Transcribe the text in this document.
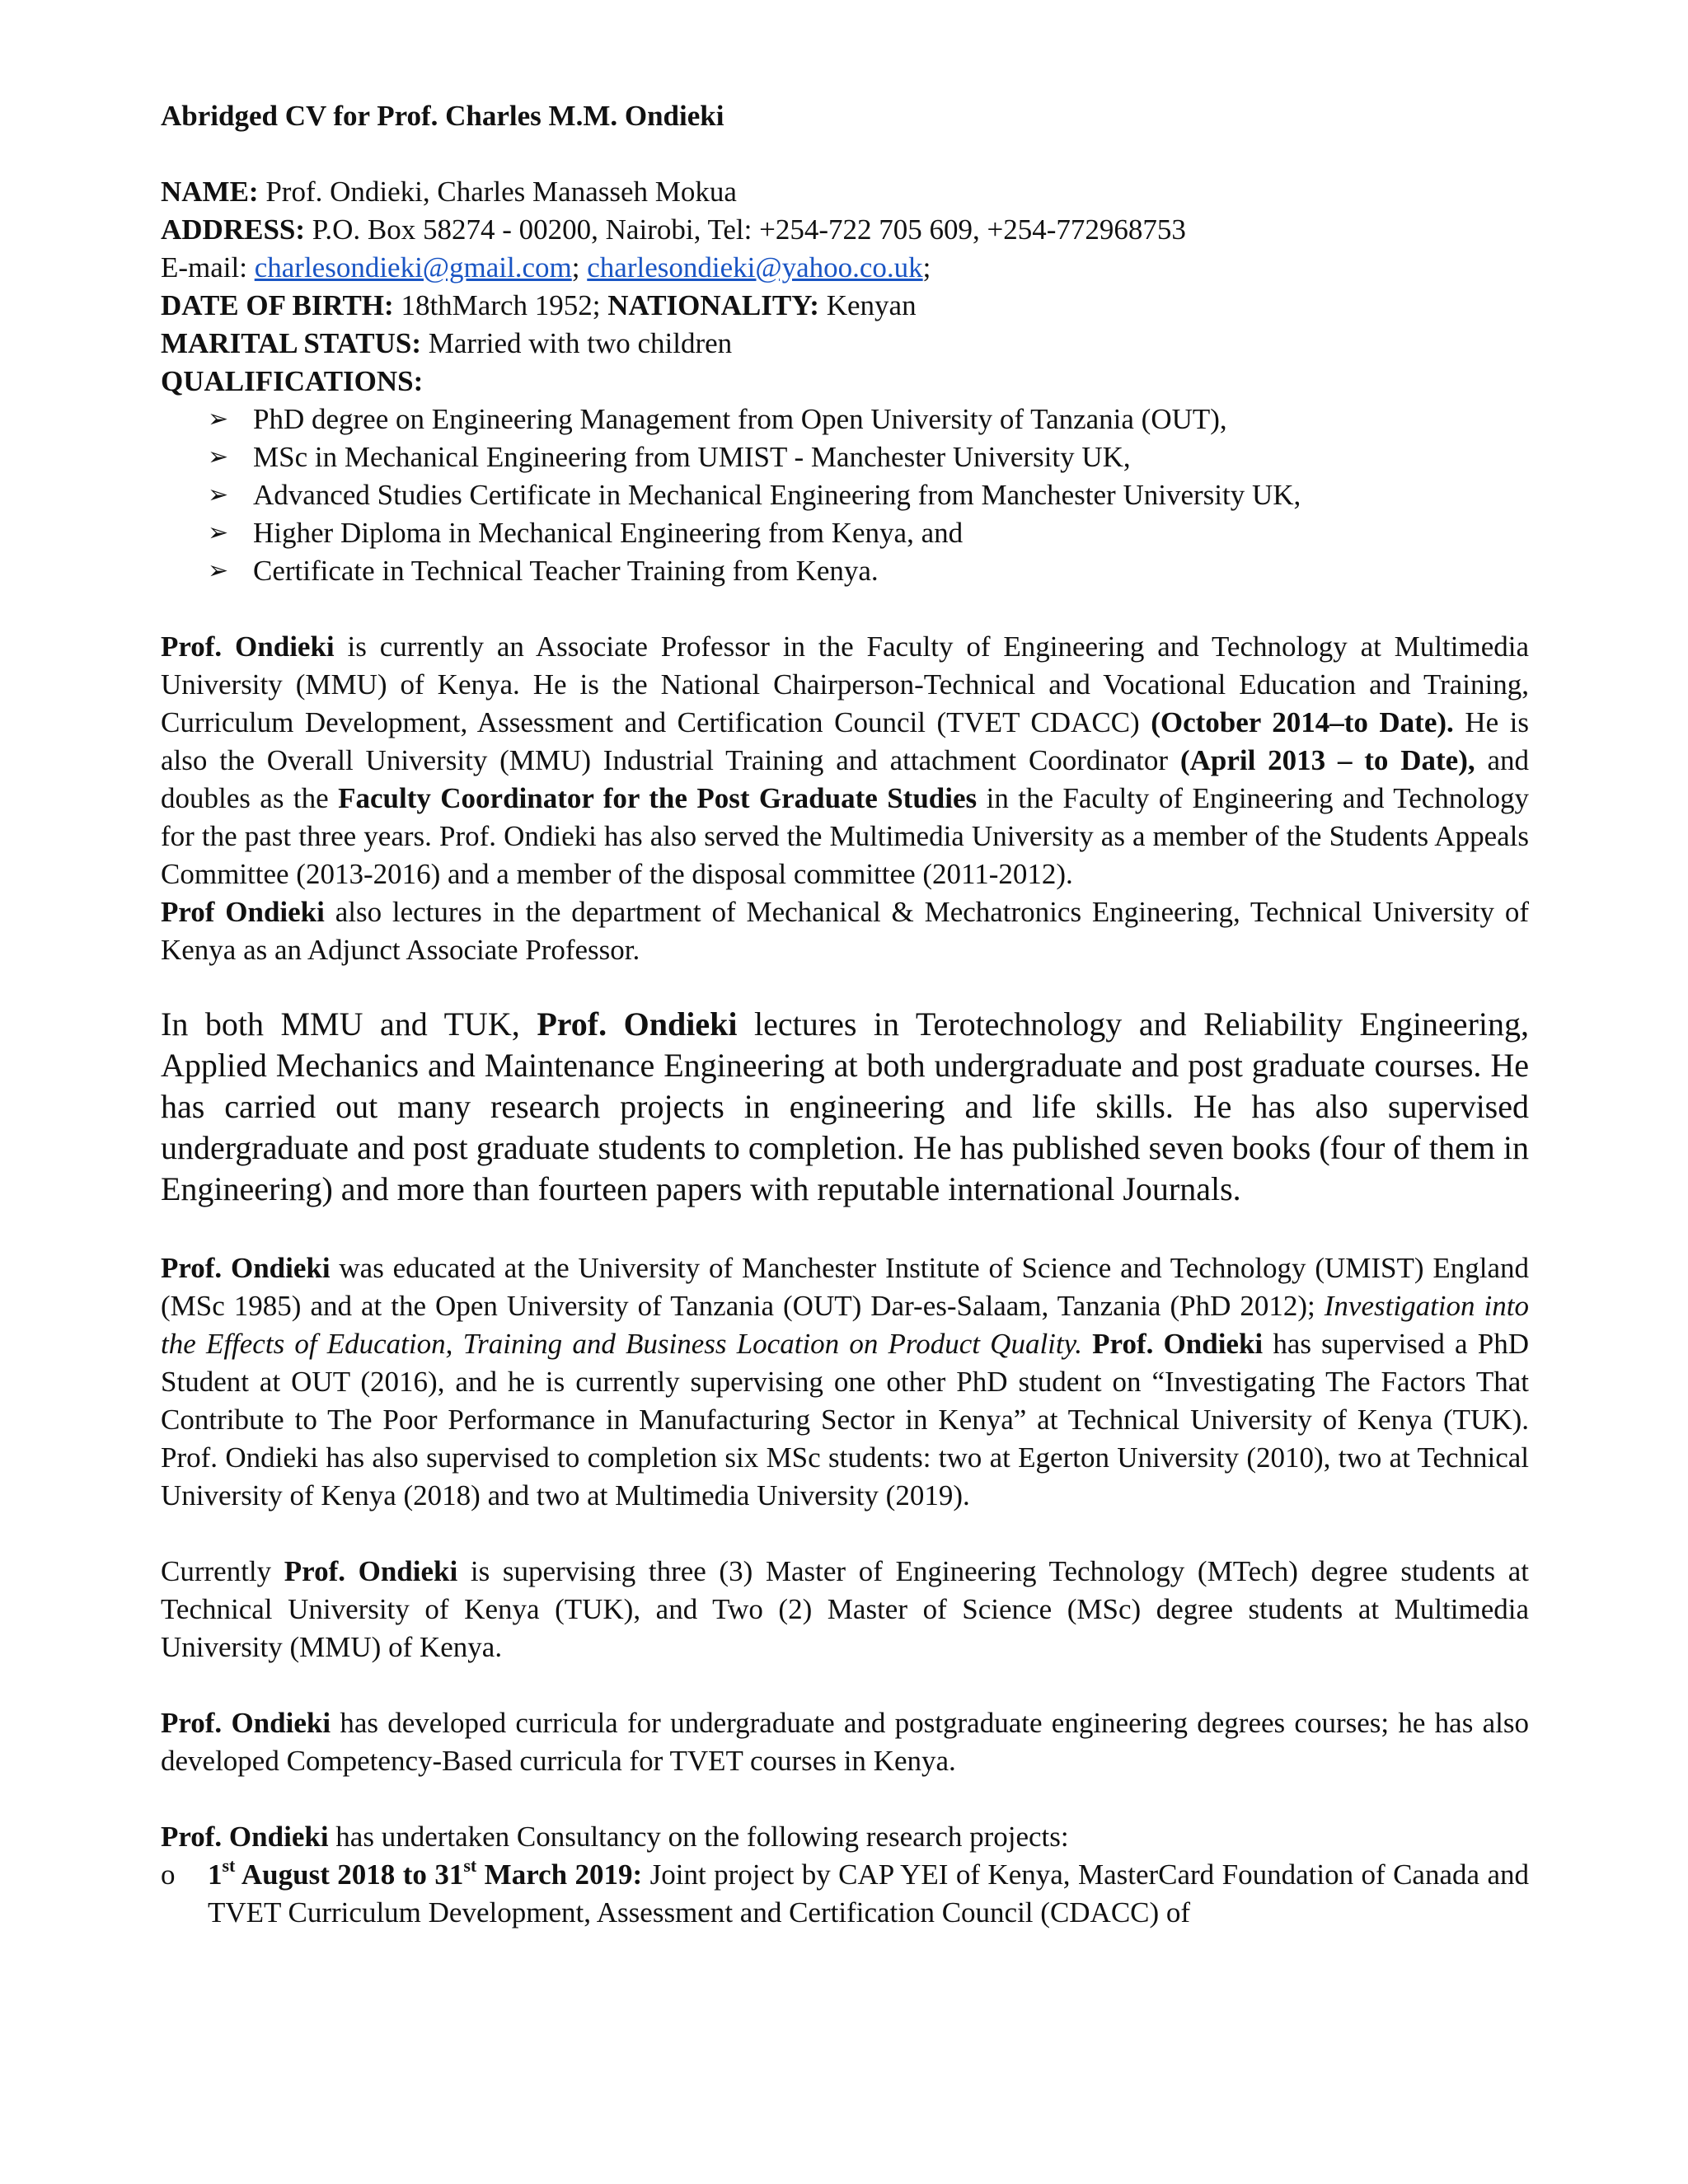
Abridged CV for Prof. Charles M.M. Ondieki
NAME: Prof. Ondieki, Charles Manasseh Mokua
ADDRESS: P.O. Box 58274 - 00200, Nairobi, Tel: +254-722 705 609, +254-772968753
E-mail: charlesondieki@gmail.com; charlesondieki@yahoo.co.uk;
DATE OF BIRTH: 18thMarch 1952; NATIONALITY: Kenyan
MARITAL STATUS: Married with two children
QUALIFICATIONS:
➢ PhD degree on Engineering Management from Open University of Tanzania (OUT),
➢ MSc in Mechanical Engineering from UMIST - Manchester University UK,
➢ Advanced Studies Certificate in Mechanical Engineering from Manchester University UK,
➢ Higher Diploma in Mechanical Engineering from Kenya, and
➢ Certificate in Technical Teacher Training from Kenya.

Prof. Ondieki is currently an Associate Professor in the Faculty of Engineering and Technology at Multimedia University (MMU) of Kenya. He is the National Chairperson-Technical and Vocational Education and Training, Curriculum Development, Assessment and Certification Council (TVET CDACC) (October 2014–to Date). He is also the Overall University (MMU) Industrial Training and attachment Coordinator (April 2013 – to Date), and doubles as the Faculty Coordinator for the Post Graduate Studies in the Faculty of Engineering and Technology for the past three years. Prof. Ondieki has also served the Multimedia University as a member of the Students Appeals Committee (2013-2016) and a member of the disposal committee (2011-2012).

Prof Ondieki also lectures in the department of Mechanical & Mechatronics Engineering, Technical University of Kenya as an Adjunct Associate Professor.

In both MMU and TUK, Prof. Ondieki lectures in Terotechnology and Reliability Engineering, Applied Mechanics and Maintenance Engineering at both undergraduate and post graduate courses. He has carried out many research projects in engineering and life skills. He has also supervised undergraduate and post graduate students to completion. He has published seven books (four of them in Engineering) and more than fourteen papers with reputable international Journals.

Prof. Ondieki was educated at the University of Manchester Institute of Science and Technology (UMIST) England (MSc 1985) and at the Open University of Tanzania (OUT) Dar-es-Salaam, Tanzania (PhD 2012); Investigation into the Effects of Education, Training and Business Location on Product Quality. Prof. Ondieki has supervised a PhD Student at OUT (2016), and he is currently supervising one other PhD student on “Investigating The Factors That Contribute to The Poor Performance in Manufacturing Sector in Kenya” at Technical University of Kenya (TUK). Prof. Ondieki has also supervised to completion six MSc students: two at Egerton University (2010), two at Technical University of Kenya (2018) and two at Multimedia University (2019).

Currently Prof. Ondieki is supervising three (3) Master of Engineering Technology (MTech) degree students at Technical University of Kenya (TUK), and Two (2) Master of Science (MSc) degree students at Multimedia University (MMU) of Kenya.

Prof. Ondieki has developed curricula for undergraduate and postgraduate engineering degrees courses; he has also developed Competency-Based curricula for TVET courses in Kenya.

Prof. Ondieki has undertaken Consultancy on the following research projects:

o 1st August 2018 to 31st March 2019: Joint project by CAP YEI of Kenya, MasterCard Foundation of Canada and TVET Curriculum Development, Assessment and Certification Council (CDACC) of
